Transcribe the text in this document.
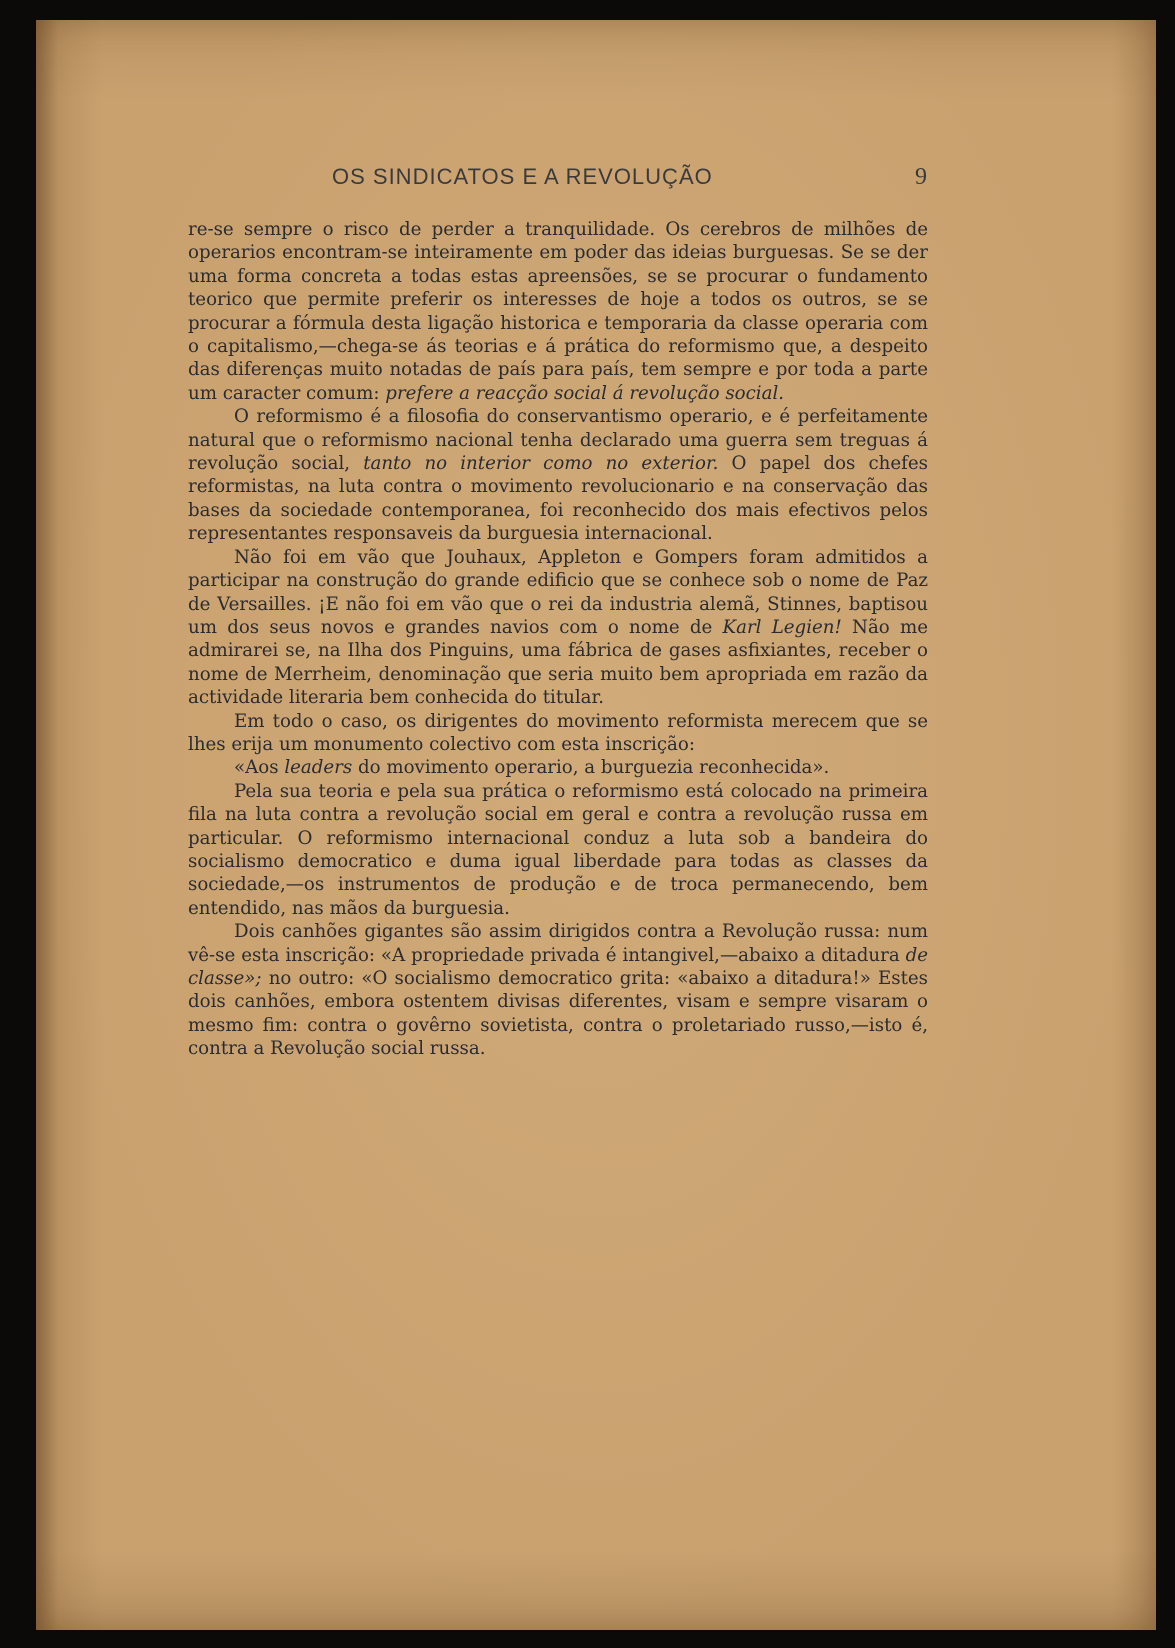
OS SINDICATOS E A REVOLUÇÃO	9

re-se sempre o risco de perder a tranquilidade. Os cerebros de milhões de operarios encontram-se inteiramente em poder das ideias burguesas. Se se der uma forma concreta a todas estas apreensões, se se procurar o fundamento teorico que permite preferir os interesses de hoje a todos os outros, se se procurar a fórmula desta ligação historica e temporaria da classe operaria com o capitalismo,—chega-se ás teorias e á prática do reformismo que, a despeito das diferenças muito notadas de país para país, tem sempre e por toda a parte um caracter comum: prefere a reacção social á revolução social.

O reformismo é a filosofia do conservantismo operario, e é perfeitamente natural que o reformismo nacional tenha declarado uma guerra sem treguas á revolução social, tanto no interior como no exterior. O papel dos chefes reformistas, na luta contra o movimento revolucionario e na conservação das bases da sociedade contemporanea, foi reconhecido dos mais efectivos pelos representantes responsaveis da burguesia internacional.

Não foi em vão que Jouhaux, Appleton e Gompers foram admitidos a participar na construção do grande edificio que se conhece sob o nome de Paz de Versailles. ¡E não foi em vão que o rei da industria alemã, Stinnes, baptisou um dos seus novos e grandes navios com o nome de Karl Legien! Não me admirarei se, na Ilha dos Pinguins, uma fábrica de gases asfixiantes, receber o nome de Merrheim, denominação que seria muito bem apropriada em razão da actividade literaria bem conhecida do titular.

Em todo o caso, os dirigentes do movimento reformista merecem que se lhes erija um monumento colectivo com esta inscrição:

«Aos leaders do movimento operario, a burguezia reconhecida».

Pela sua teoria e pela sua prática o reformismo está colocado na primeira fila na luta contra a revolução social em geral e contra a revolução russa em particular. O reformismo internacional conduz a luta sob a bandeira do socialismo democratico e duma igual liberdade para todas as classes da sociedade,—os instrumentos de produção e de troca permanecendo, bem entendido, nas mãos da burguesia.

Dois canhões gigantes são assim dirigidos contra a Revolução russa: num vê-se esta inscrição: «A propriedade privada é intangivel,—abaixo a ditadura de classe»; no outro: «O socialismo democratico grita: «abaixo a ditadura!» Estes dois canhões, embora ostentem divisas diferentes, visam e sempre visaram o mesmo fim: contra o govêrno sovietista, contra o proletariado russo,—isto é, contra a Revolução social russa.
